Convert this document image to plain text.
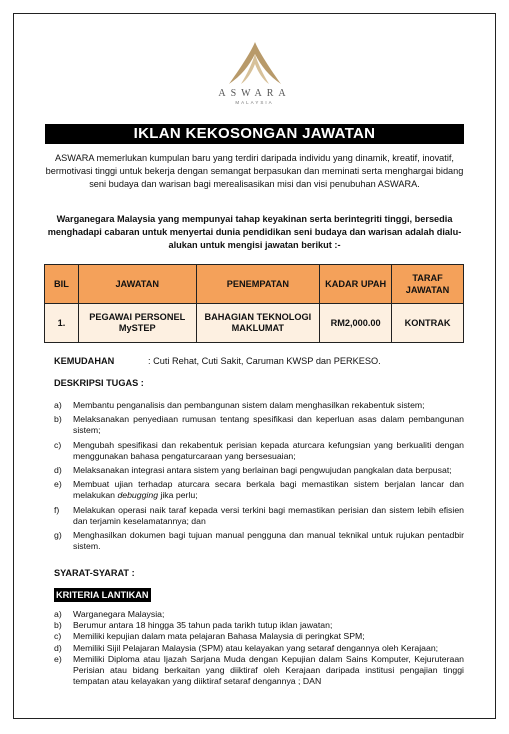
ASWARA
MALAYSIA
IKLAN KEKOSONGAN JAWATAN
ASWARA memerlukan kumpulan baru yang terdiri daripada individu yang dinamik, kreatif, inovatif, bermotivasi tinggi untuk bekerja dengan semangat berpasukan dan meminati serta menghargai bidang seni budaya dan warisan bagi merealisasikan misi dan visi penubuhan ASWARA.
Warganegara Malaysia yang mempunyai tahap keyakinan serta berintegriti tinggi, bersedia menghadapi cabaran untuk menyertai dunia pendidikan seni budaya dan warisan adalah dialu-alukan untuk mengisi jawatan berikut :-
BIL	JAWATAN	PENEMPATAN	KADAR UPAH	TARAF JAWATAN
1.	PEGAWAI PERSONEL MySTEP	BAHAGIAN TEKNOLOGI MAKLUMAT	RM2,000.00	KONTRAK
KEMUDAHAN	: Cuti Rehat, Cuti Sakit, Caruman KWSP dan PERKESO.
DESKRIPSI TUGAS :
a) Membantu penganalisis dan pembangunan sistem dalam menghasilkan rekabentuk sistem;
b) Melaksanakan penyediaan rumusan tentang spesifikasi dan keperluan asas dalam pembangunan sistem;
c) Mengubah spesifikasi dan rekabentuk perisian kepada aturcara kefungsian yang berkualiti dengan menggunakan bahasa pengaturcaraan yang bersesuaian;
d) Melaksanakan integrasi antara sistem yang berlainan bagi pengwujudan pangkalan data berpusat;
e) Membuat ujian terhadap aturcara secara berkala bagi memastikan sistem berjalan lancar dan melakukan debugging jika perlu;
f) Melakukan operasi naik taraf kepada versi terkini bagi memastikan perisian dan sistem lebih efisien dan terjamin keselamatannya; dan
g) Menghasilkan dokumen bagi tujuan manual pengguna dan manual teknikal untuk rujukan pentadbir sistem.
SYARAT-SYARAT :
KRITERIA LANTIKAN
a) Warganegara Malaysia;
b) Berumur antara 18 hingga 35 tahun pada tarikh tutup iklan jawatan;
c) Memiliki kepujian dalam mata pelajaran Bahasa Malaysia di peringkat SPM;
d) Memiliki Sijil Pelajaran Malaysia (SPM) atau kelayakan yang setaraf dengannya oleh Kerajaan;
e) Memiliki Diploma atau Ijazah Sarjana Muda dengan Kepujian dalam Sains Komputer, Kejuruteraan Perisian atau bidang berkaitan yang diiktiraf oleh Kerajaan daripada institusi pengajian tinggi tempatan atau kelayakan yang diiktiraf setaraf dengannya ; DAN
